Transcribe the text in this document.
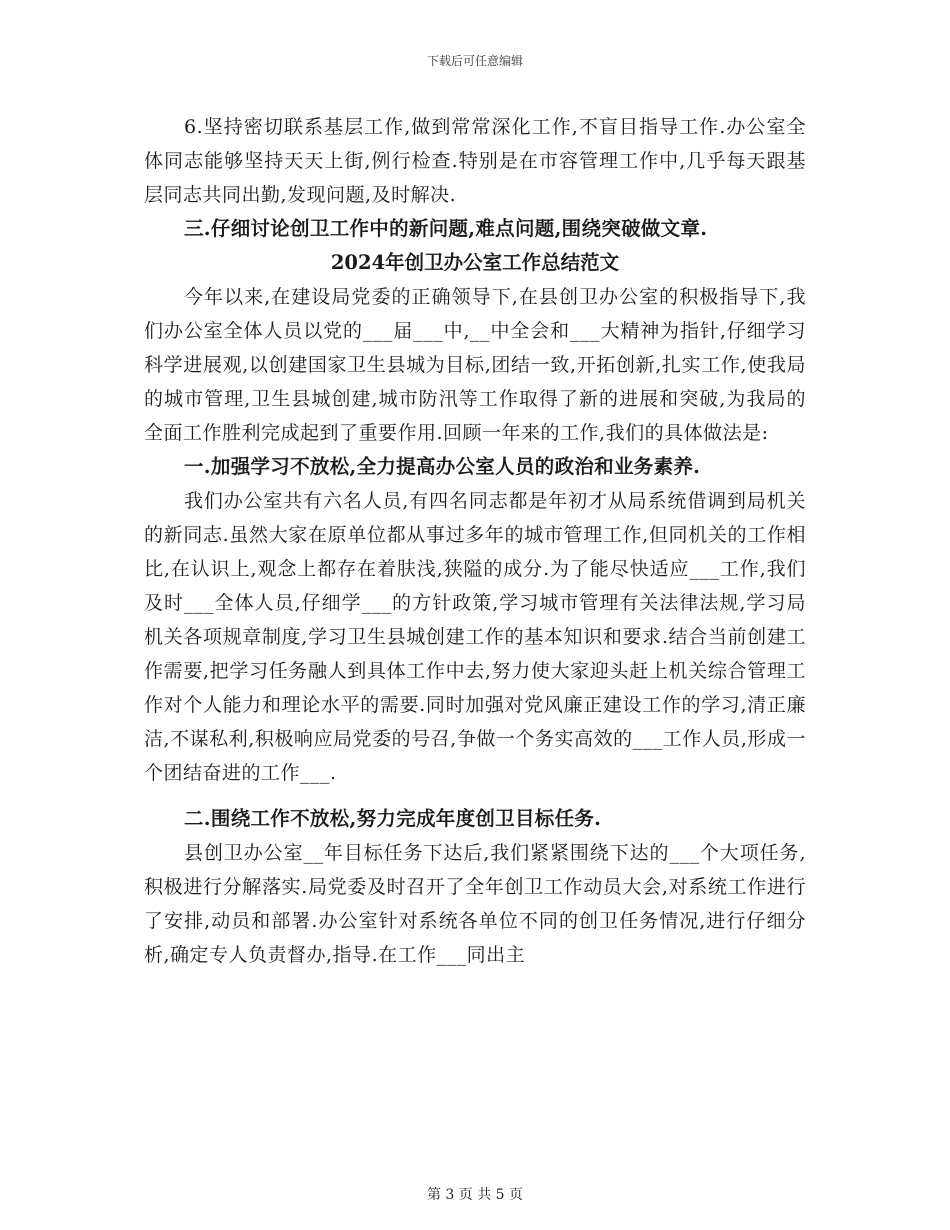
下载后可任意编辑

6.坚持密切联系基层工作,做到常常深化工作,不盲目指导工作.办公室全体同志能够坚持天天上街,例行检查.特别是在市容管理工作中,几乎每天跟基层同志共同出勤,发现问题,及时解决.

三.仔细讨论创卫工作中的新问题,难点问题,围绕突破做文章.

2024年创卫办公室工作总结范文

今年以来,在建设局党委的正确领导下,在县创卫办公室的积极指导下,我们办公室全体人员以党的___届___中,__中全会和___大精神为指针,仔细学习科学进展观,以创建国家卫生县城为目标,团结一致,开拓创新,扎实工作,使我局的城市管理,卫生县城创建,城市防汛等工作取得了新的进展和突破,为我局的全面工作胜利完成起到了重要作用.回顾一年来的工作,我们的具体做法是:

一.加强学习不放松,全力提高办公室人员的政治和业务素养.

我们办公室共有六名人员,有四名同志都是年初才从局系统借调到局机关的新同志.虽然大家在原单位都从事过多年的城市管理工作,但同机关的工作相比,在认识上,观念上都存在着肤浅,狭隘的成分.为了能尽快适应___工作,我们及时___全体人员,仔细学___的方针政策,学习城市管理有关法律法规,学习局机关各项规章制度,学习卫生县城创建工作的基本知识和要求.结合当前创建工作需要,把学习任务融人到具体工作中去,努力使大家迎头赶上机关综合管理工作对个人能力和理论水平的需要.同时加强对党风廉正建设工作的学习,清正廉洁,不谋私利,积极响应局党委的号召,争做一个务实高效的___工作人员,形成一个团结奋进的工作___.

二.围绕工作不放松,努力完成年度创卫目标任务.

县创卫办公室__年目标任务下达后,我们紧紧围绕下达的___个大项任务,积极进行分解落实.局党委及时召开了全年创卫工作动员大会,对系统工作进行了安排,动员和部署.办公室针对系统各单位不同的创卫任务情况,进行仔细分析,确定专人负责督办,指导.在工作___同出主

第 3 页 共 5 页
